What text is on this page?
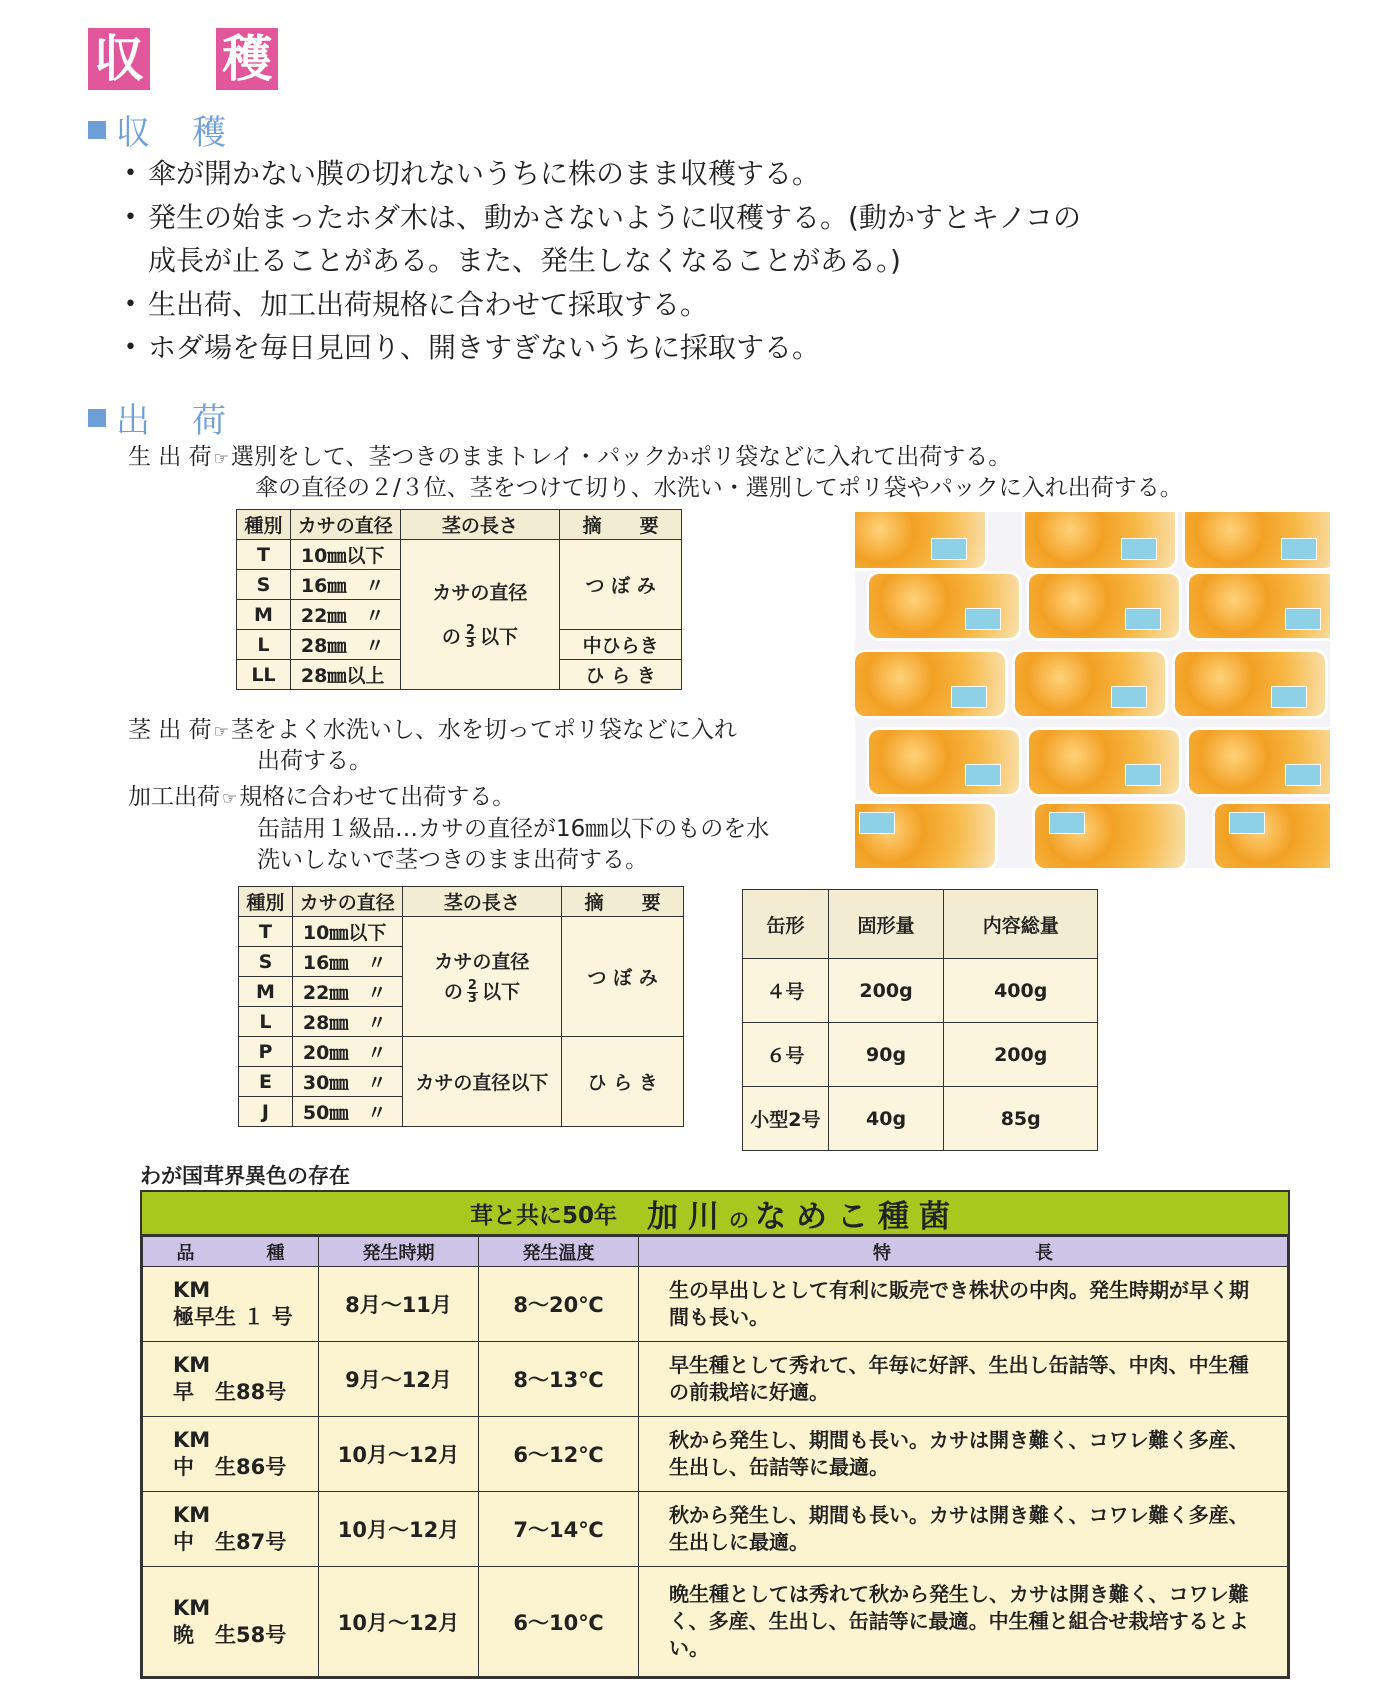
収 穫
収 穫
• 傘が開かない膜の切れないうちに株のまま収穫する。
• 発生の始まったホダ木は、動かさないように収穫する。(動かすとキノコの
成長が止ることがある。また、発生しなくなることがある。)
• 生出荷、加工出荷規格に合わせて採取する。
• ホダ場を毎日見回り、開きすぎないうちに採取する。
出 荷
生 出 荷 ☞選別をして、茎つきのままトレイ・パックかポリ袋などに入れて出荷する。
傘の直径の２/３位、茎をつけて切り、水洗い・選別してポリ袋やパックに入れ出荷する。
種別	カサの直径	茎の長さ	摘　　要
T	10㎜以下	カサの直径
の $\frac{2}{3}$ 以下	つ ぼ み
S	16㎜　〃		
M	22㎜　〃		
L	28㎜　〃		中ひらき
LL	28㎜以上		ひ ら き
茎 出 荷 ☞茎をよく水洗いし、水を切ってポリ袋などに入れ
出荷する。
加工出荷 ☞規格に合わせて出荷する。
缶詰用１級品…カサの直径が16㎜以下のものを水
洗いしないで茎つきのまま出荷する。
種別	カサの直径	茎の長さ	摘　　要
T	10㎜以下	カサの直径
の $\frac{2}{3}$ 以下	つ ぼ み
S	16㎜　〃		
M	22㎜　〃		
L	28㎜　〃		
P	20㎜　〃	カサの直径以下	ひ ら き
E	30㎜　〃		
J	50㎜　〃		
缶形	固形量	内容総量
４号	200g	400g
６号	90g	200g
小型2号	40g	85g
わが国茸界異色の存在
茸と共に50年 加川のなめこ種菌
品　　　　種	発生時期	発生温度	特　　　　　　　　長

KM
極早生 １ 号	8月～11月	8～20℃	生の早出しとして有利に販売でき株状の中肉。発生時期が早く期間も長い。

KM
早　生88号	9月～12月	8～13℃	早生種として秀れて、年毎に好評、生出し缶詰等、中肉、中生種の前栽培に好適。

KM
中　生86号	10月～12月	6～12℃	秋から発生し、期間も長い。カサは開き難く、コワレ難く多産、生出し、缶詰等に最適。

KM
中　生87号	10月～12月	7～14℃	秋から発生し、期間も長い。カサは開き難く、コワレ難く多産、生出しに最適。

KM
晩　生58号	10月～12月	6～10℃	晩生種としては秀れて秋から発生し、カサは開き難く、コワレ難く、多産、生出し、缶詰等に最適。中生種と組合せ栽培するとよい。
